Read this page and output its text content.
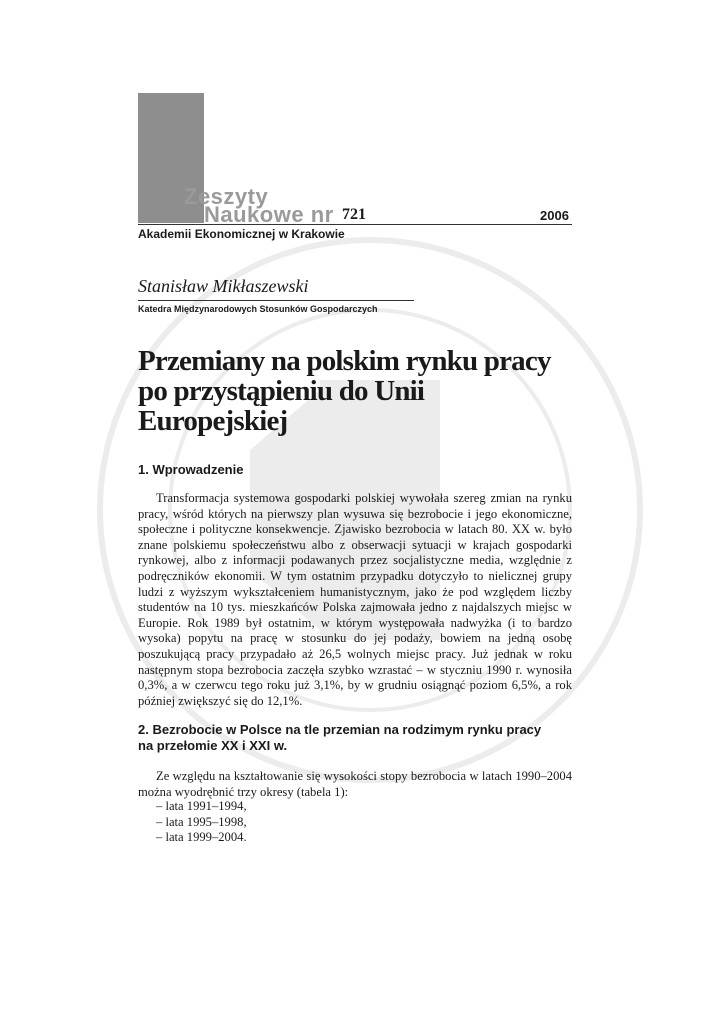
Zeszyty
Naukowe nr 721	2006
Akademii Ekonomicznej w Krakowie
Stanisław Mikłaszewski
Katedra Międzynarodowych Stosunków Gospodarczych
Przemiany na polskim rynku pracy po przystąpieniu do Unii Europejskiej
1. Wprowadzenie
Transformacja systemowa gospodarki polskiej wywołała szereg zmian na rynku pracy, wśród których na pierwszy plan wysuwa się bezrobocie i jego ekonomiczne, społeczne i polityczne konsekwencje. Zjawisko bezrobocia w latach 80. XX w. było znane polskiemu społeczeństwu albo z obserwacji sytuacji w krajach gospodarki rynkowej, albo z informacji podawanych przez socjalistyczne media, względnie z podręczników ekonomii. W tym ostatnim przypadku dotyczyło to nielicznej grupy ludzi z wyższym wykształceniem humanistycznym, jako że pod względem liczby studentów na 10 tys. mieszkańców Polska zajmowała jedno z najdalszych miejsc w Europie. Rok 1989 był ostatnim, w którym występowała nadwyżka (i to bardzo wysoka) popytu na pracę w stosunku do jej podaży, bowiem na jedną osobę poszukującą pracy przypadało aż 26,5 wolnych miejsc pracy. Już jednak w roku następnym stopa bezrobocia zaczęła szybko wzrastać – w styczniu 1990 r. wynosiła 0,3%, a w czerwcu tego roku już 3,1%, by w grudniu osiągnąć poziom 6,5%, a rok później zwiększyć się do 12,1%.
2. Bezrobocie w Polsce na tle przemian na rodzimym rynku pracy na przełomie XX i XXI w.
Ze względu na kształtowanie się wysokości stopy bezrobocia w latach 1990–2004 można wyodrębnić trzy okresy (tabela 1):
– lata 1991–1994,
– lata 1995–1998,
– lata 1999–2004.
